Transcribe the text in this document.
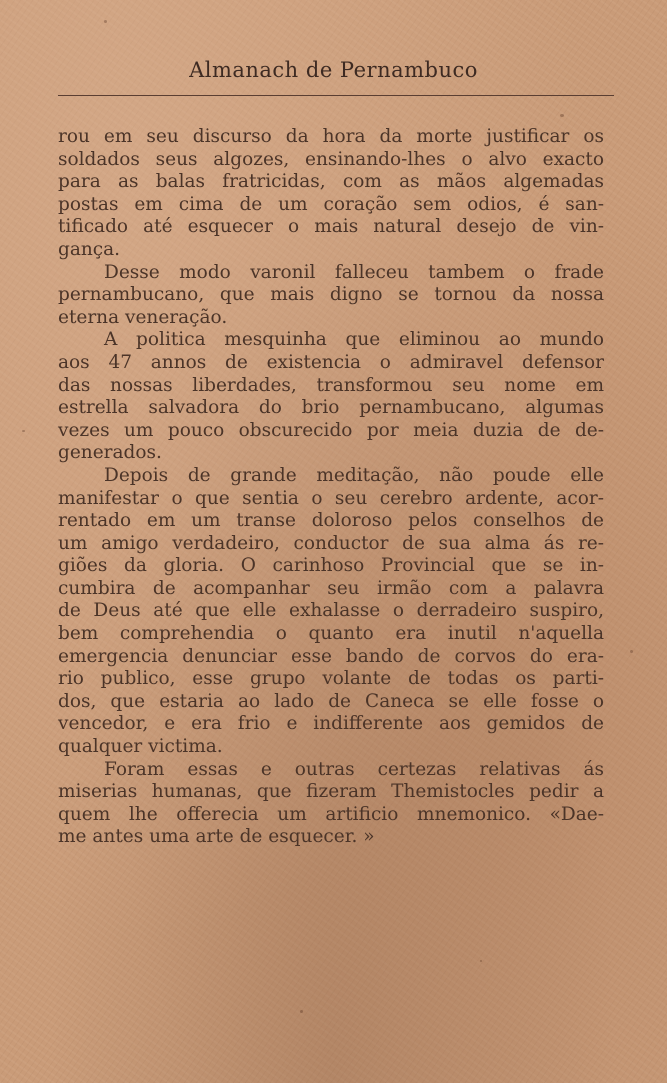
Almanach de Pernambuco
rou em seu discurso da hora da morte justificar os
soldados seus algozes, ensinando-lhes o alvo exacto
para as balas fratricidas, com as mãos algemadas
postas em cima de um coração sem odios, é san-
tificado até esquecer o mais natural desejo de vin-
gança.
Desse modo varonil falleceu tambem o frade
pernambucano, que mais digno se tornou da nossa
eterna veneração.
A politica mesquinha que eliminou ao mundo
aos 47 annos de existencia o admiravel defensor
das nossas liberdades, transformou seu nome em
estrella salvadora do brio pernambucano, algumas
vezes um pouco obscurecido por meia duzia de de-
generados.
Depois de grande meditação, não poude elle
manifestar o que sentia o seu cerebro ardente, acor-
rentado em um transe doloroso pelos conselhos de
um amigo verdadeiro, conductor de sua alma ás re-
giões da gloria. O carinhoso Provincial que se in-
cumbira de acompanhar seu irmão com a palavra
de Deus até que elle exhalasse o derradeiro suspiro,
bem comprehendia o quanto era inutil n'aquella
emergencia denunciar esse bando de corvos do era-
rio publico, esse grupo volante de todas os parti-
dos, que estaria ao lado de Caneca se elle fosse o
vencedor, e era frio e indifferente aos gemidos de
qualquer victima.
Foram essas e outras certezas relativas ás
miserias humanas, que fizeram Themistocles pedir a
quem lhe offerecia um artificio mnemonico. «Dae-
me antes uma arte de esquecer. »
